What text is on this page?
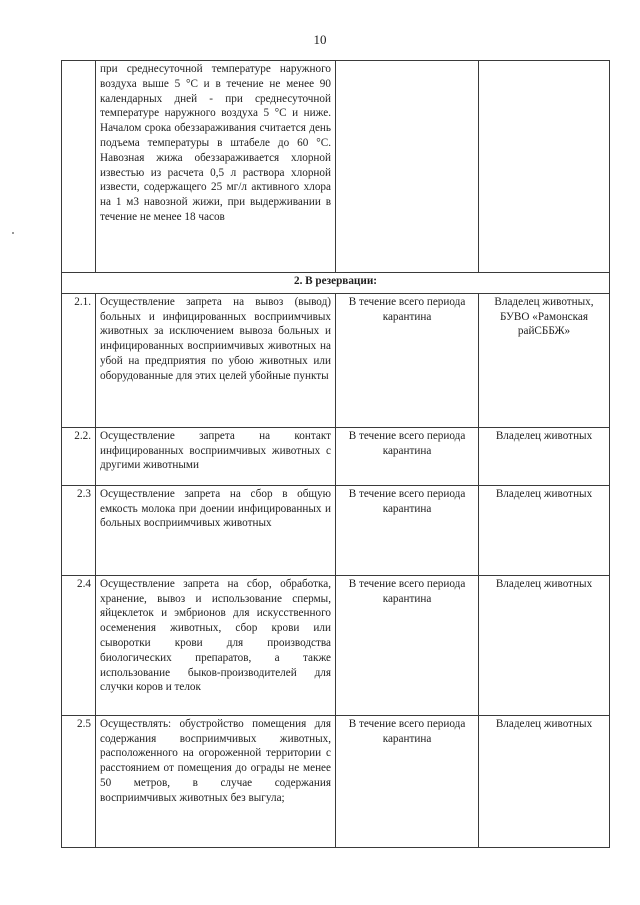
10
	при среднесуточной температуре наружного воздуха выше 5 °С и в течение не менее 90 календарных дней - при среднесуточной температуре наружного воздуха 5 °С и ниже. Началом срока обеззараживания считается день подъема температуры в штабеле до 60 °С. Навозная жижа обеззараживается хлорной известью из расчета 0,5 л раствора хлорной извести, содержащего 25 мг/л активного хлора на 1 м3 навозной жижи, при выдерживании в течение не менее 18 часов		
2. В резервации:			
2.1.	Осуществление запрета на вывоз (вывод) больных и инфицированных восприимчивых животных за исключением вывоза больных и инфицированных восприимчивых животных на убой на предприятия по убою животных или оборудованные для этих целей убойные пункты	В течение всего периода карантина	Владелец животных, БУВО «Рамонская райСББЖ»
2.2.	Осуществление запрета на контакт инфицированных восприимчивых животных с другими животными	В течение всего периода карантина	Владелец животных
2.3	Осуществление запрета на сбор в общую емкость молока при доении инфицированных и больных восприимчивых животных	В течение всего периода карантина	Владелец животных
2.4	Осуществление запрета на сбор, обработка, хранение, вывоз и использование спермы, яйцеклеток и эмбрионов для искусственного осеменения животных, сбор крови или сыворотки крови для производства биологических препаратов, а также использование быков-производителей для случки коров и телок	В течение всего периода карантина	Владелец животных
2.5	Осуществлять: обустройство помещения для содержания восприимчивых животных, расположенного на огороженной территории с расстоянием от помещения до ограды не менее 50 метров, в случае содержания восприимчивых животных без выгула;	В течение всего периода карантина	Владелец животных
